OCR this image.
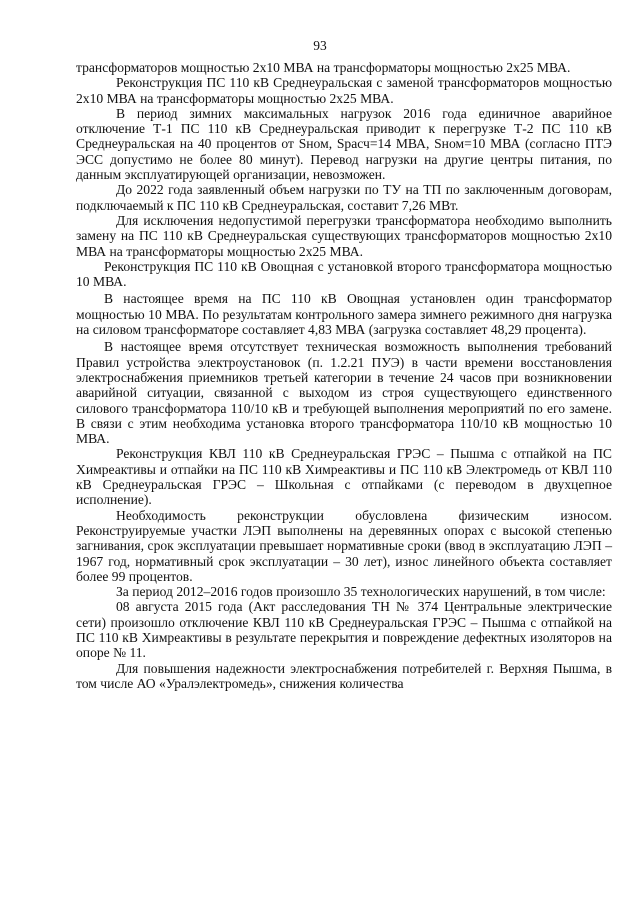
93

трансформаторов мощностью 2х10 МВА на трансформаторы мощностью 2х25 МВА.

Реконструкция ПС 110 кВ Среднеуральская с заменой трансформаторов мощностью 2х10 МВА на трансформаторы мощностью 2х25 МВА.

В период зимних максимальных нагрузок 2016 года единичное аварийное отключение Т-1 ПС 110 кВ Среднеуральская приводит к перегрузке Т-2 ПС 110 кВ Среднеуральская на 40 процентов от Sном, Sрасч=14 МВА, Sном=10 МВА (согласно ПТЭ ЭСС допустимо не более 80 минут). Перевод нагрузки на другие центры питания, по данным эксплуатирующей организации, невозможен.

До 2022 года заявленный объем нагрузки по ТУ на ТП по заключенным договорам, подключаемый к ПС 110 кВ Среднеуральская, составит 7,26 МВт.

Для исключения недопустимой перегрузки трансформатора необходимо выполнить замену на ПС 110 кВ Среднеуральская существующих трансформаторов мощностью 2х10 МВА на трансформаторы мощностью 2х25 МВА.

Реконструкция ПС 110 кВ Овощная с установкой второго трансформатора мощностью 10 МВА.

В настоящее время на ПС 110 кВ Овощная установлен один трансформатор мощностью 10 МВА. По результатам контрольного замера зимнего режимного дня нагрузка на силовом трансформаторе составляет 4,83 МВА (загрузка составляет 48,29 процента).

В настоящее время отсутствует техническая возможность выполнения требований Правил устройства электроустановок (п. 1.2.21 ПУЭ) в части времени восстановления электроснабжения приемников третьей категории в течение 24 часов при возникновении аварийной ситуации, связанной с выходом из строя существующего единственного силового трансформатора 110/10 кВ и требующей выполнения мероприятий по его замене. В связи с этим необходима установка второго трансформатора 110/10 кВ мощностью 10 МВА.

Реконструкция КВЛ 110 кВ Среднеуральская ГРЭС – Пышма с отпайкой на ПС Химреактивы и отпайки на ПС 110 кВ Химреактивы и ПС 110 кВ Электромедь от КВЛ 110 кВ Среднеуральская ГРЭС – Школьная с отпайками (с переводом в двухцепное исполнение).

Необходимость реконструкции обусловлена физическим износом. Реконструируемые участки ЛЭП выполнены на деревянных опорах с высокой степенью загнивания, срок эксплуатации превышает нормативные сроки (ввод в эксплуатацию ЛЭП – 1967 год, нормативный срок эксплуатации – 30 лет), износ линейного объекта составляет более 99 процентов.

За период 2012–2016 годов произошло 35 технологических нарушений, в том числе:

08 августа 2015 года (Акт расследования ТН № 374 Центральные электрические сети) произошло отключение КВЛ 110 кВ Среднеуральская ГРЭС – Пышма с отпайкой на ПС 110 кВ Химреактивы в результате перекрытия и повреждение дефектных изоляторов на опоре № 11.

Для повышения надежности электроснабжения потребителей г. Верхняя Пышма, в том числе АО «Уралэлектромедь», снижения количества
